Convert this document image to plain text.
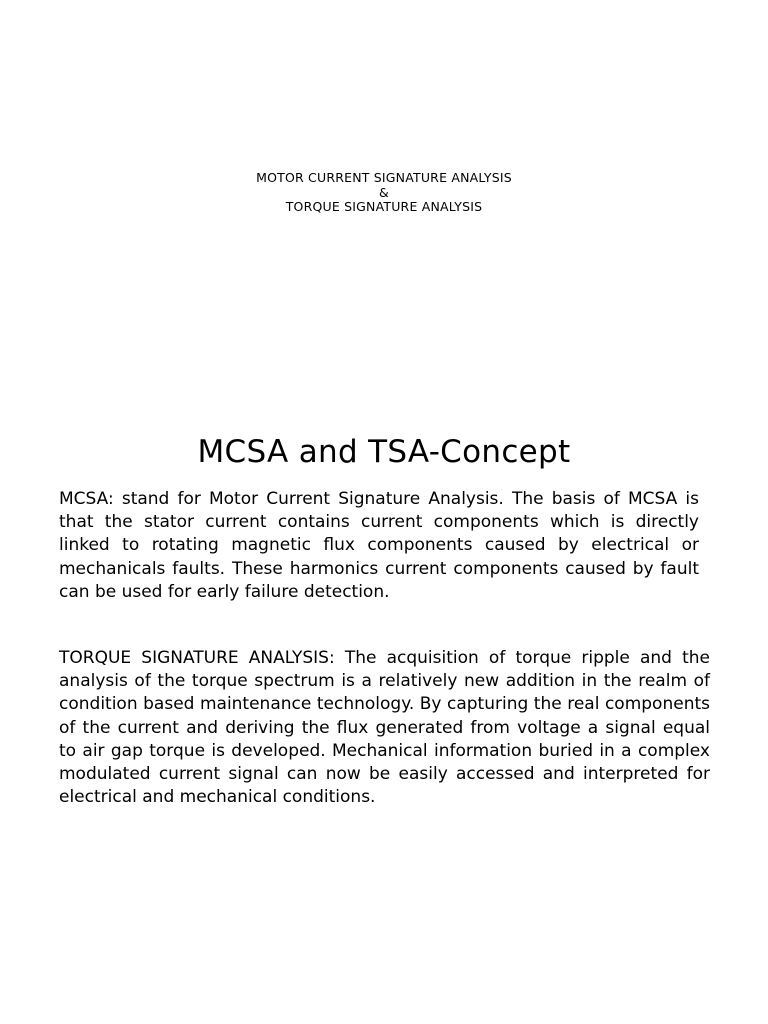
MOTOR CURRENT SIGNATURE ANALYSIS
&
TORQUE SIGNATURE ANALYSIS
MCSA and TSA-Concept

MCSA: stand for Motor Current Signature Analysis. The basis of MCSA is that the stator current contains current components which is directly linked to rotating magnetic flux components caused by electrical or mechanicals faults. These harmonics current components caused by fault can be used for early failure detection.

TORQUE SIGNATURE ANALYSIS: The acquisition of torque ripple and the analysis of the torque spectrum is a relatively new addition in the realm of condition based maintenance technology. By capturing the real components of the current and deriving the flux generated from voltage a signal equal to air gap torque is developed. Mechanical information buried in a complex modulated current signal can now be easily accessed and interpreted for electrical and mechanical conditions.
